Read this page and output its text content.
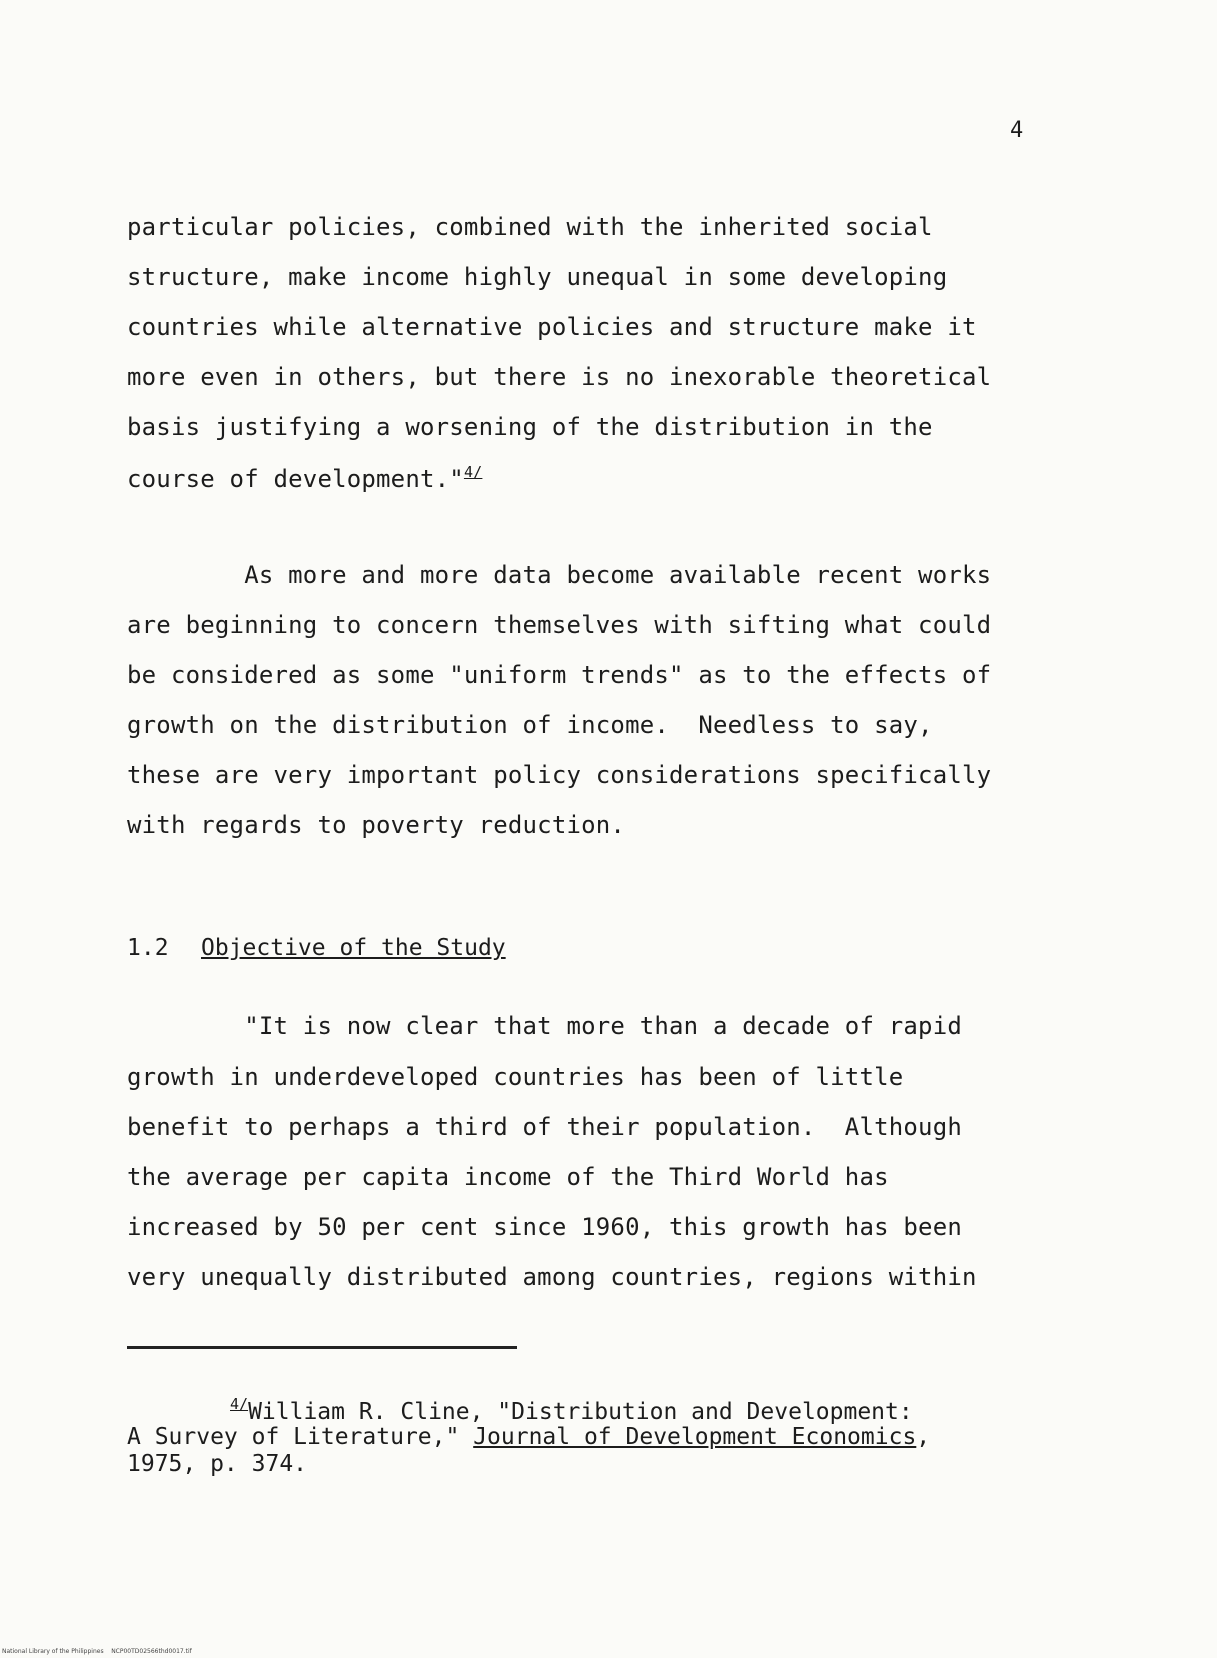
4
particular policies, combined with the inherited social
structure, make income highly unequal in some developing
countries while alternative policies and structure make it
more even in others, but there is no inexorable theoretical
basis justifying a worsening of the distribution in the
course of development."$^{4/}$
As more and more data become available recent works
are beginning to concern themselves with sifting what could
be considered as some "uniform trends" as to the effects of
growth on the distribution of income.  Needless to say,
these are very important policy considerations specifically
with regards to poverty reduction.
1.2 Objective of the Study
"It is now clear that more than a decade of rapid
growth in underdeveloped countries has been of little
benefit to perhaps a third of their population.  Although
the average per capita income of the Third World has
increased by 50 per cent since 1960, this growth has been
very unequally distributed among countries, regions within
$^{4/}$William R. Cline, "Distribution and Development:
A Survey of Literature," Journal of Development Economics,
1975, p. 374.
National Library of the Philippines    NCP00TD02566thd0017.tif
